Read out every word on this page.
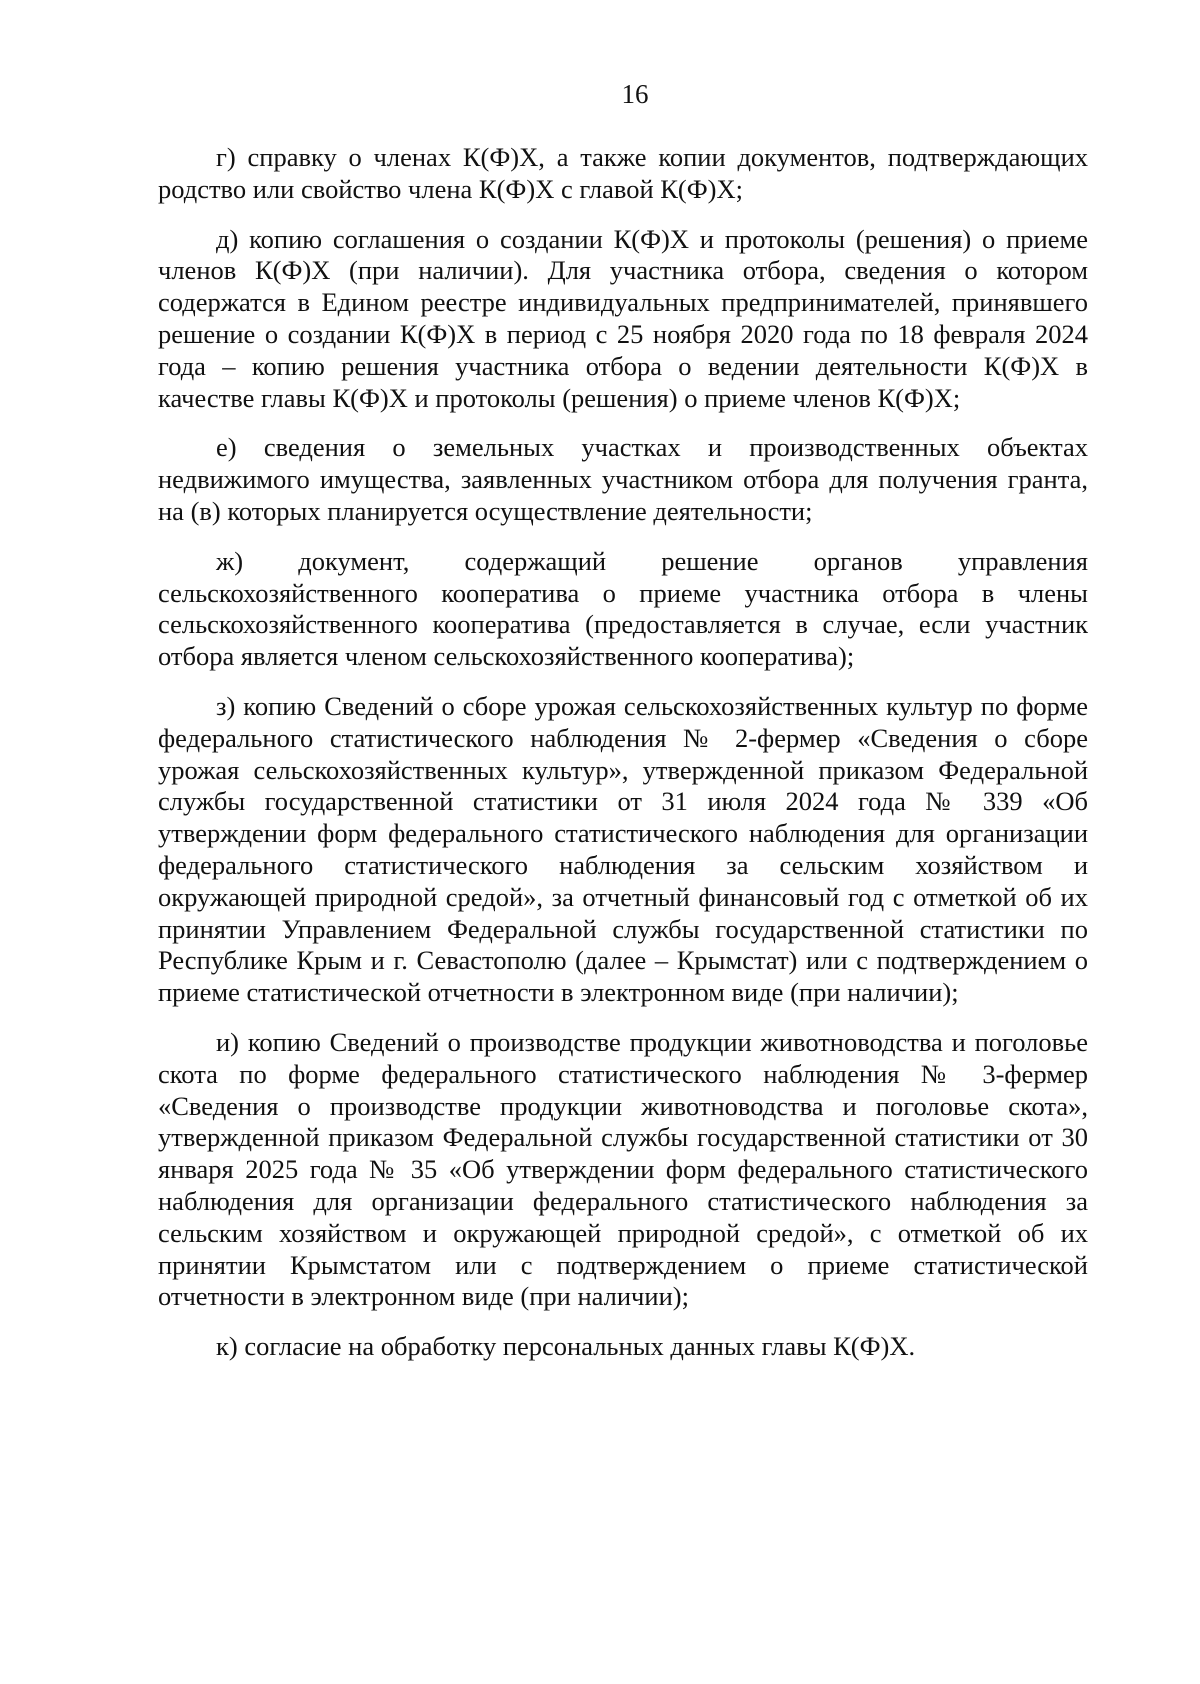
16

г) справку о членах К(Ф)Х, а также копии документов, подтверждающих родство или свойство члена К(Ф)Х с главой К(Ф)Х;

д) копию соглашения о создании К(Ф)Х и протоколы (решения) о приеме членов К(Ф)Х (при наличии). Для участника отбора, сведения о котором содержатся в Едином реестре индивидуальных предпринимателей, принявшего решение о создании К(Ф)Х в период с 25 ноября 2020 года по 18 февраля 2024 года – копию решения участника отбора о ведении деятельности К(Ф)Х в качестве главы К(Ф)Х и протоколы (решения) о приеме членов К(Ф)Х;

е) сведения о земельных участках и производственных объектах недвижимого имущества, заявленных участником отбора для получения гранта, на (в) которых планируется осуществление деятельности;

ж) документ, содержащий решение органов управления сельскохозяйственного кооператива о приеме участника отбора в члены сельскохозяйственного кооператива (предоставляется в случае, если участник отбора является членом сельскохозяйственного кооператива);

з) копию Сведений о сборе урожая сельскохозяйственных культур по форме федерального статистического наблюдения № 2-фермер «Сведения о сборе урожая сельскохозяйственных культур», утвержденной приказом Федеральной службы государственной статистики от 31 июля 2024 года № 339 «Об утверждении форм федерального статистического наблюдения для организации федерального статистического наблюдения за сельским хозяйством и окружающей природной средой», за отчетный финансовый год с отметкой об их принятии Управлением Федеральной службы государственной статистики по Республике Крым и г. Севастополю (далее – Крымстат) или с подтверждением о приеме статистической отчетности в электронном виде (при наличии);

и) копию Сведений о производстве продукции животноводства и поголовье скота по форме федерального статистического наблюдения № 3-фермер «Сведения о производстве продукции животноводства и поголовье скота», утвержденной приказом Федеральной службы государственной статистики от 30 января 2025 года № 35 «Об утверждении форм федерального статистического наблюдения для организации федерального статистического наблюдения за сельским хозяйством и окружающей природной средой», с отметкой об их принятии Крымстатом или с подтверждением о приеме статистической отчетности в электронном виде (при наличии);

к) согласие на обработку персональных данных главы К(Ф)Х.
